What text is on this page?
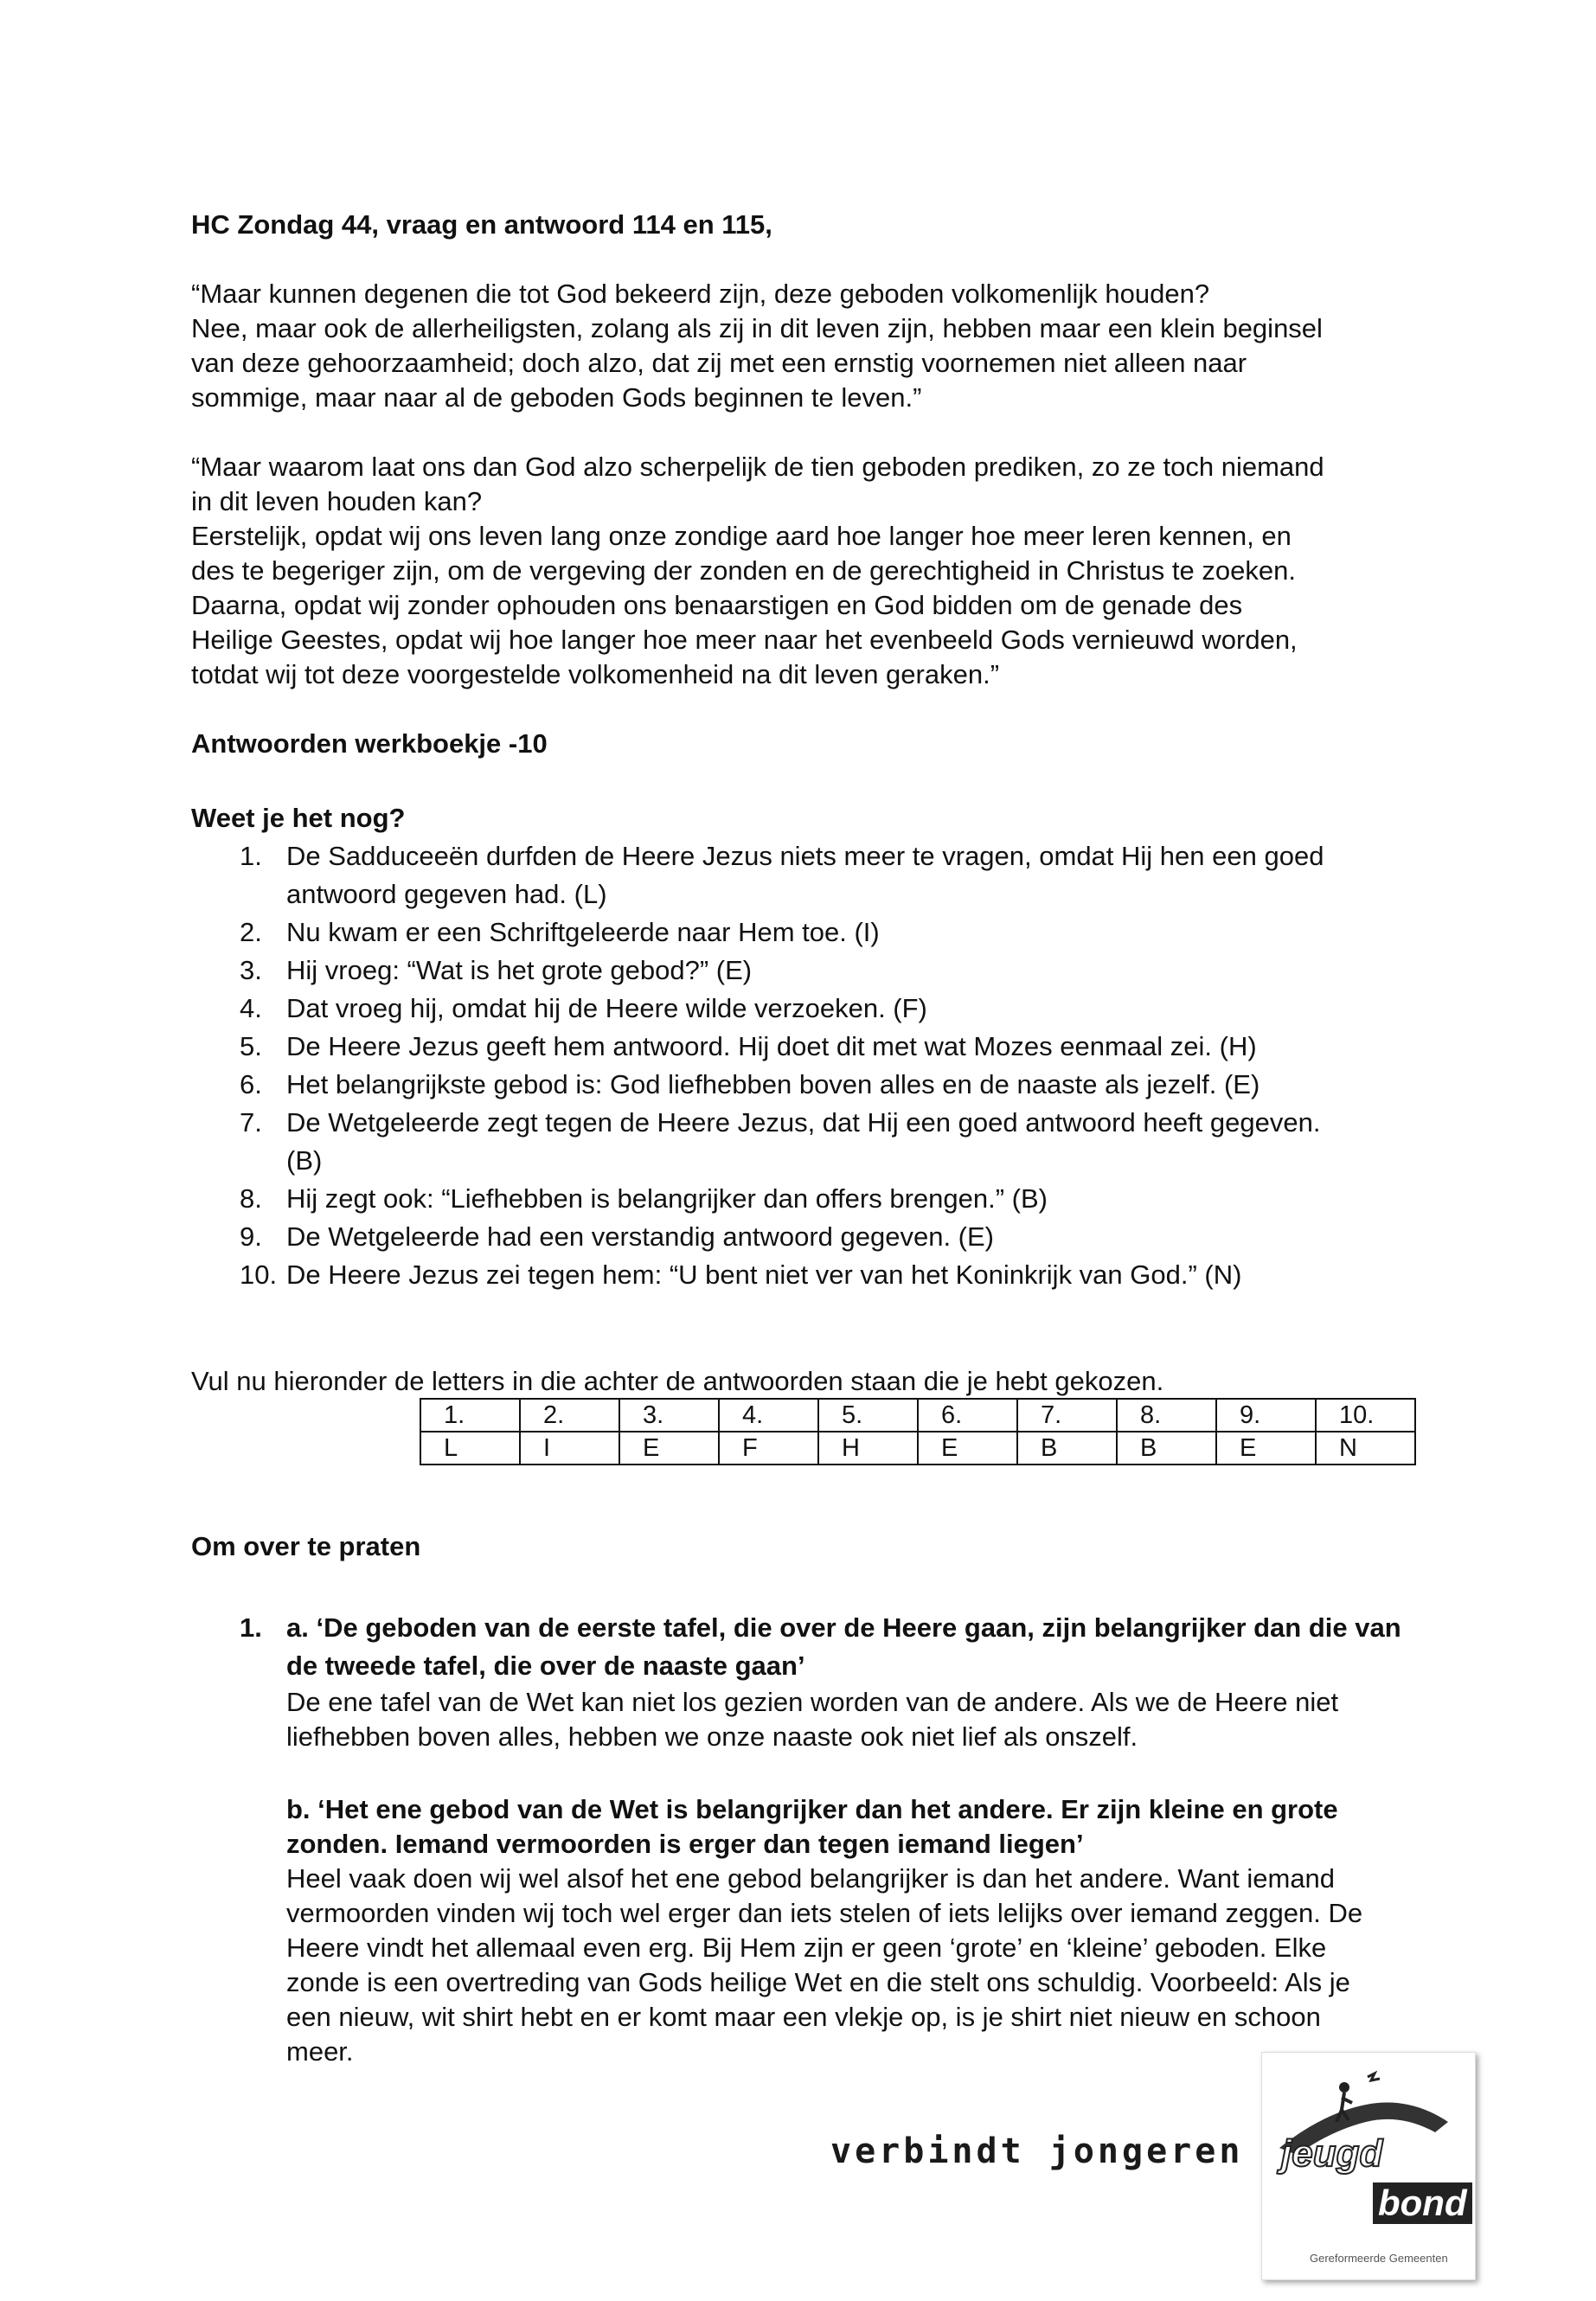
HC Zondag 44, vraag en antwoord 114 en 115,

“Maar kunnen degenen die tot God bekeerd zijn, deze geboden volkomenlijk houden?

Nee, maar ook de allerheiligsten, zolang als zij in dit leven zijn, hebben maar een klein beginsel

van deze gehoorzaamheid; doch alzo, dat zij met een ernstig voornemen niet alleen naar

sommige, maar naar al de geboden Gods beginnen te leven.”

“Maar waarom laat ons dan God alzo scherpelijk de tien geboden prediken, zo ze toch niemand

in dit leven houden kan?

Eerstelijk, opdat wij ons leven lang onze zondige aard hoe langer hoe meer leren kennen, en

des te begeriger zijn, om de vergeving der zonden en de gerechtigheid in Christus te zoeken.

Daarna, opdat wij zonder ophouden ons benaarstigen en God bidden om de genade des

Heilige Geestes, opdat wij hoe langer hoe meer naar het evenbeeld Gods vernieuwd worden,

totdat wij tot deze voorgestelde volkomenheid na dit leven geraken.”

Antwoorden werkboekje -10

Weet je het nog?

1. De Sadduceeën durfden de Heere Jezus niets meer te vragen, omdat Hij hen een goed
antwoord gegeven had. (L)
2. Nu kwam er een Schriftgeleerde naar Hem toe. (I)
3. Hij vroeg: “Wat is het grote gebod?” (E)
4. Dat vroeg hij, omdat hij de Heere wilde verzoeken. (F)
5. De Heere Jezus geeft hem antwoord. Hij doet dit met wat Mozes eenmaal zei. (H)
6. Het belangrijkste gebod is: God liefhebben boven alles en de naaste als jezelf. (E)
7. De Wetgeleerde zegt tegen de Heere Jezus, dat Hij een goed antwoord heeft gegeven.
(B)
8. Hij zegt ook: “Liefhebben is belangrijker dan offers brengen.” (B)
9. De Wetgeleerde had een verstandig antwoord gegeven. (E)
10. De Heere Jezus zei tegen hem: “U bent niet ver van het Koninkrijk van God.” (N)

Vul nu hieronder de letters in die achter de antwoorden staan die je hebt gekozen.

1.	2.	3.	4.	5.	6.	7.	8.	9.	10.
L	I	E	F	H	E	B	B	E	N

Om over te praten

1. a. ‘De geboden van de eerste tafel, die over de Heere gaan, zijn belangrijker dan die van
de tweede tafel, die over de naaste gaan’

De ene tafel van de Wet kan niet los gezien worden van de andere. Als we de Heere niet

liefhebben boven alles, hebben we onze naaste ook niet lief als onszelf.

b. ‘Het ene gebod van de Wet is belangrijker dan het andere. Er zijn kleine en grote
zonden. Iemand vermoorden is erger dan tegen iemand liegen’

Heel vaak doen wij wel alsof het ene gebod belangrijker is dan het andere. Want iemand

vermoorden vinden wij toch wel erger dan iets stelen of iets lelijks over iemand zeggen. De

Heere vindt het allemaal even erg. Bij Hem zijn er geen ‘grote’ en ‘kleine’ geboden. Elke

zonde is een overtreding van Gods heilige Wet en die stelt ons schuldig. Voorbeeld: Als je

een nieuw, wit shirt hebt en er komt maar een vlekje op, is je shirt niet nieuw en schoon

meer.

verbindt jongeren jeugd
bond
Gereformeerde Gemeenten
